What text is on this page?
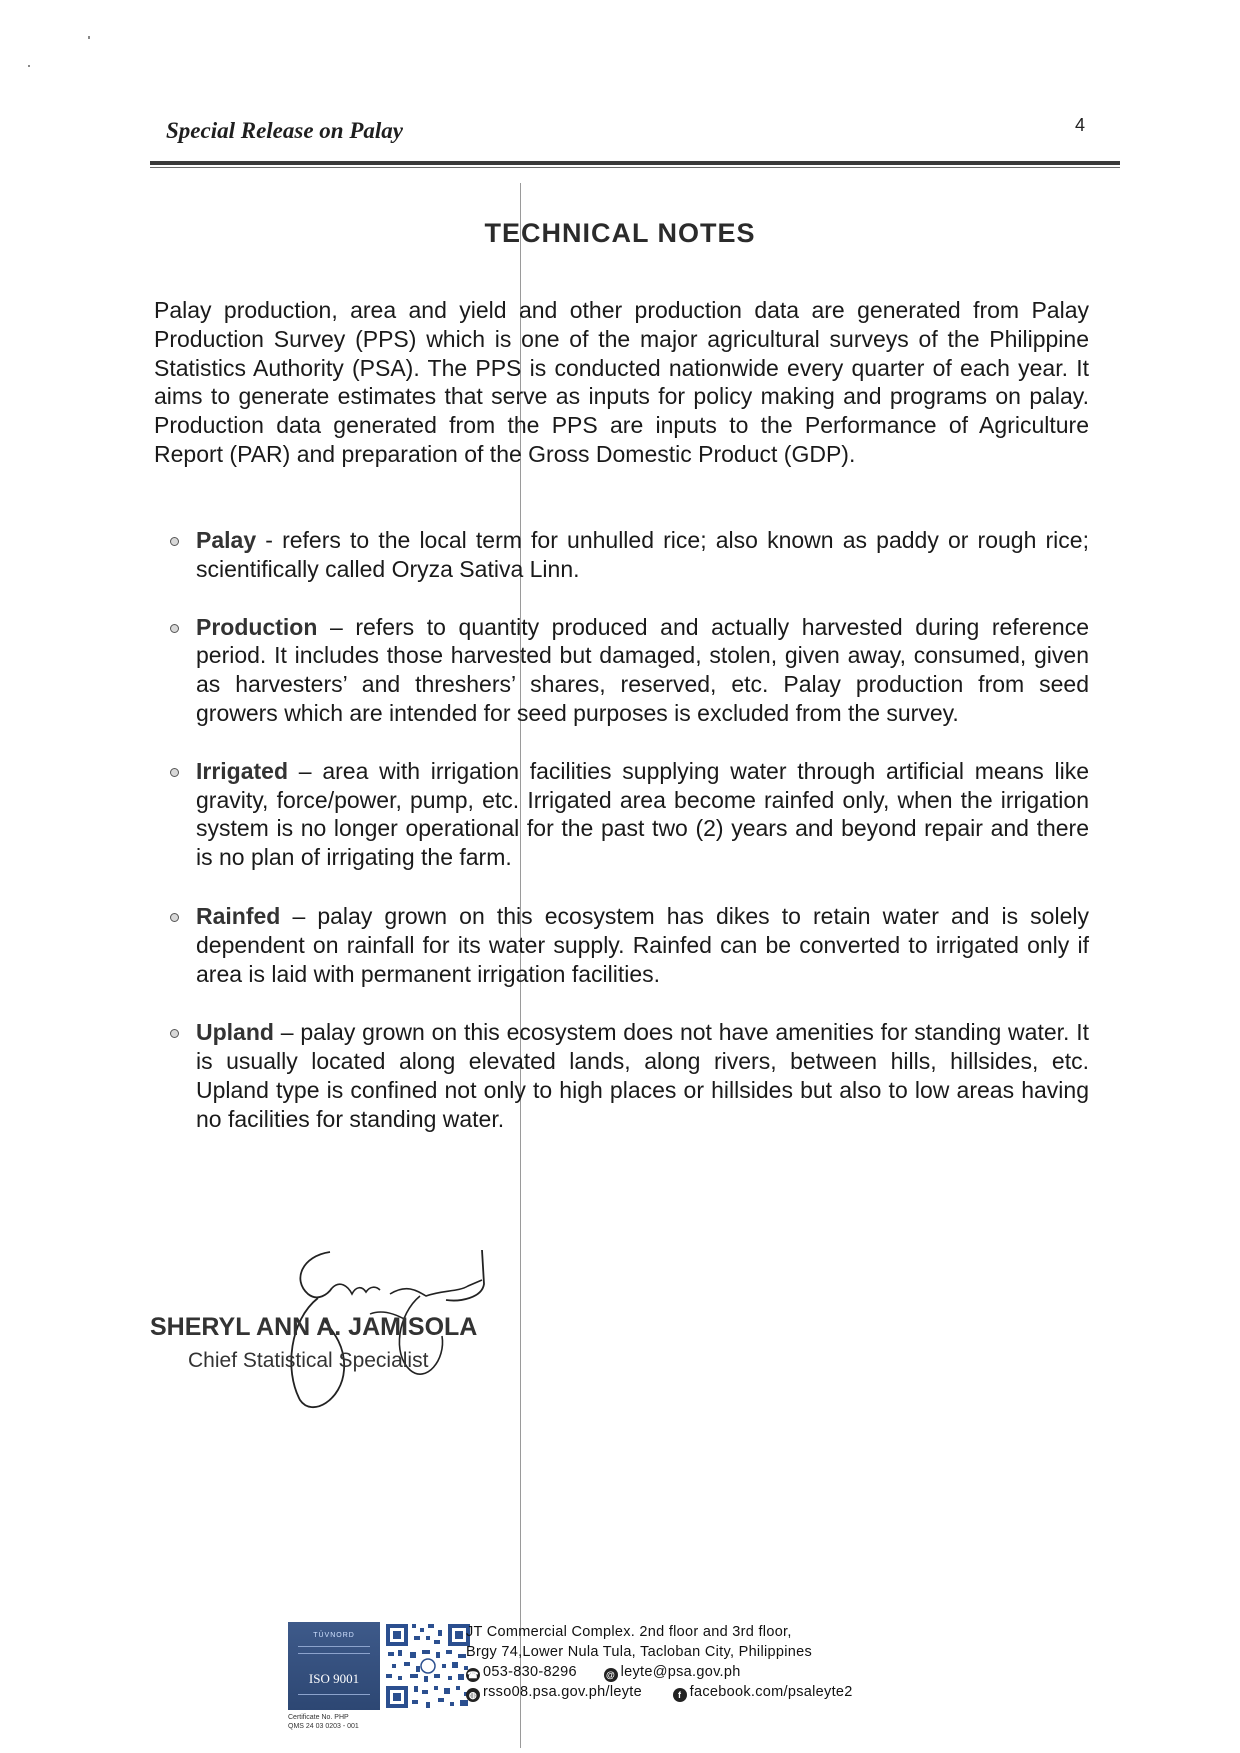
Special Release on Palay	4
TECHNICAL NOTES

Palay production, area and yield and other production data are generated from Palay Production Survey (PPS) which is one of the major agricultural surveys of the Philippine Statistics Authority (PSA). The PPS is conducted nationwide every quarter of each year. It aims to generate estimates that serve as inputs for policy making and programs on palay. Production data generated from the PPS are inputs to the Performance of Agriculture Report (PAR) and preparation of the Gross Domestic Product (GDP).

Palay - refers to the local term for unhulled rice; also known as paddy or rough rice; scientifically called Oryza Sativa Linn.
Production – refers to quantity produced and actually harvested during reference period. It includes those harvested but damaged, stolen, given away, consumed, given as harvesters’ and threshers’ shares, reserved, etc. Palay production from seed growers which are intended for seed purposes is excluded from the survey.
Irrigated – area with irrigation facilities supplying water through artificial means like gravity, force/power, pump, etc. Irrigated area become rainfed only, when the irrigation system is no longer operational for the past two (2) years and beyond repair and there is no plan of irrigating the farm.
Rainfed – palay grown on this ecosystem has dikes to retain water and is solely dependent on rainfall for its water supply. Rainfed can be converted to irrigated only if area is laid with permanent irrigation facilities.
Upland – palay grown on this ecosystem does not have amenities for standing water. It is usually located along elevated lands, along rivers, between hills, hillsides, etc. Upland type is confined not only to high places or hillsides but also to low areas having no facilities for standing water.
SHERYL ANN A. JAMISOLA
Chief Statistical Specialist
TÜVNORD
ISO 9001
Certificate No. PHP
QMS 24 03 0203 - 001
JT Commercial Complex. 2nd floor and 3rd floor,
Brgy 74,Lower Nula Tula, Tacloban City, Philippines
☎ 053-830-8296	@ leyte@psa.gov.ph
◍ rsso08.psa.gov.ph/leyte	f facebook.com/psaleyte2
